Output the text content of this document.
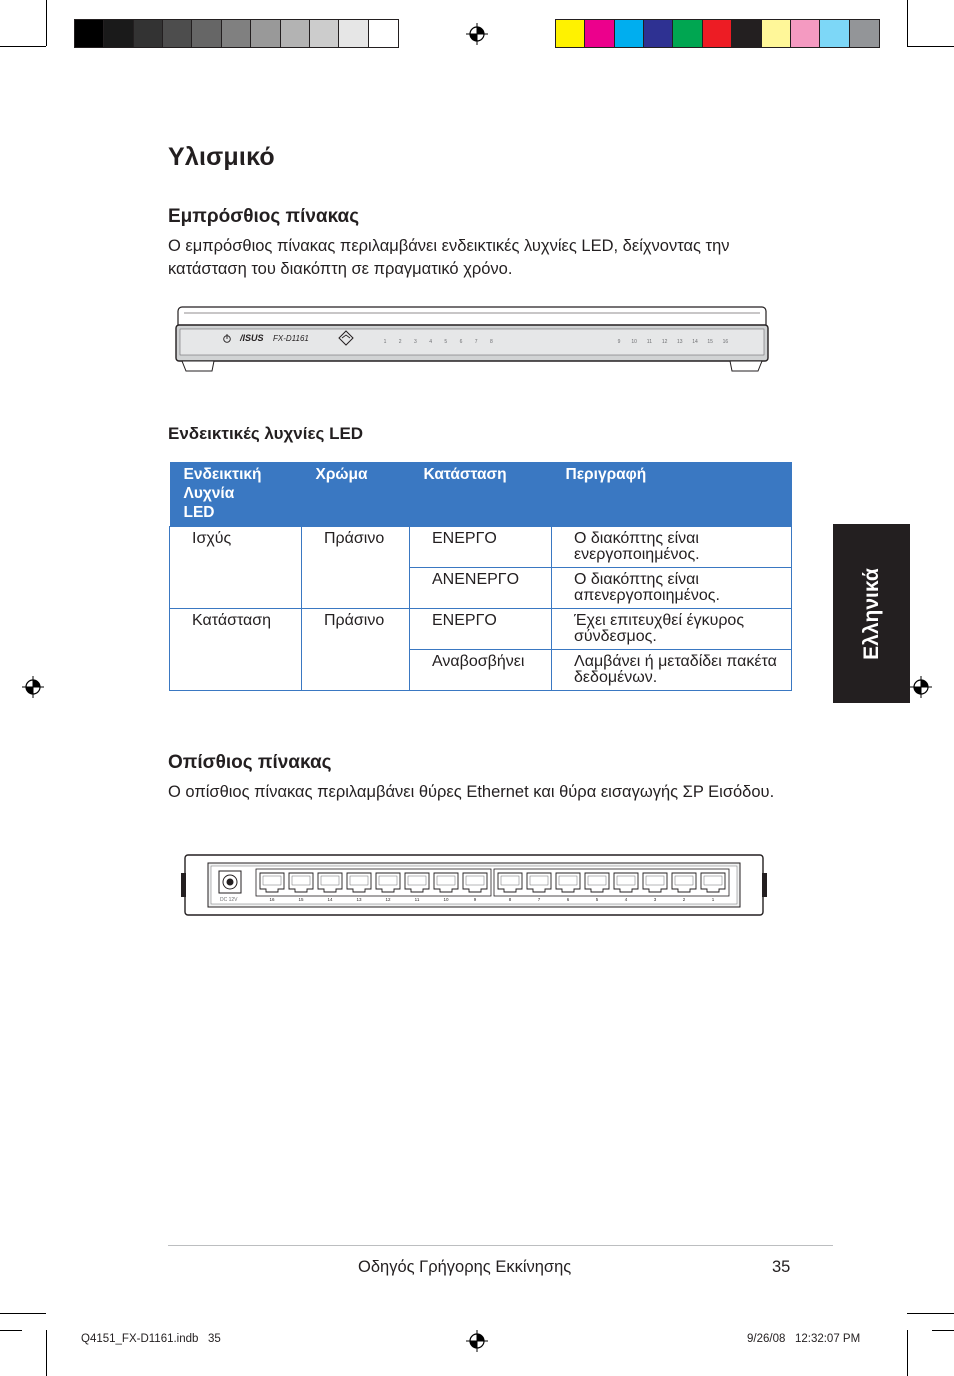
Υλισμικό
Εμπρόσθιος πίνακας

Ο εμπρόσθιος πίνακας περιλαμβάνει ενδεικτικές λυχνίες LED, δείχνοντας την κατάσταση του διακόπτη σε πραγματικό χρόνο.

/ISUS FX-D1161	1 2 3 4 5 6 7 8	9 10 11 12 13 14 15 16
Ενδεικτικές λυχνίες LED
Ενδεικτική Λυχνία LED	Χρώμα	Κατάσταση	Περιγραφή
Ισχύς	Πράσινο	ΕΝΕΡΓΟ	Ο διακόπτης είναι ενεργοποιημένος.
		ΑΝΕΝΕΡΓΟ	Ο διακόπτης είναι απενεργοποιημένος.
Κατάσταση	Πράσινο	ΕΝΕΡΓΟ	Έχει επιτευχθεί έγκυρος σύνδεσμος.
		Αναβοσβήνει	Λαμβάνει ή μεταδίδει πακέτα δεδομένων.
Ελληνικά
Οπίσθιος πίνακας

Ο οπίσθιος πίνακας περιλαμβάνει θύρες Ethernet και θύρα εισαγωγής ΣΡ Εισόδου.

DC 12V	16	15	14	13	12	11	10	9	8	7	6	5	4	3	2	1
Οδηγός Γρήγορης Εκκίνησης	35
Q4151_FX-D1161.indb   35	9/26/08   12:32:07 PM
